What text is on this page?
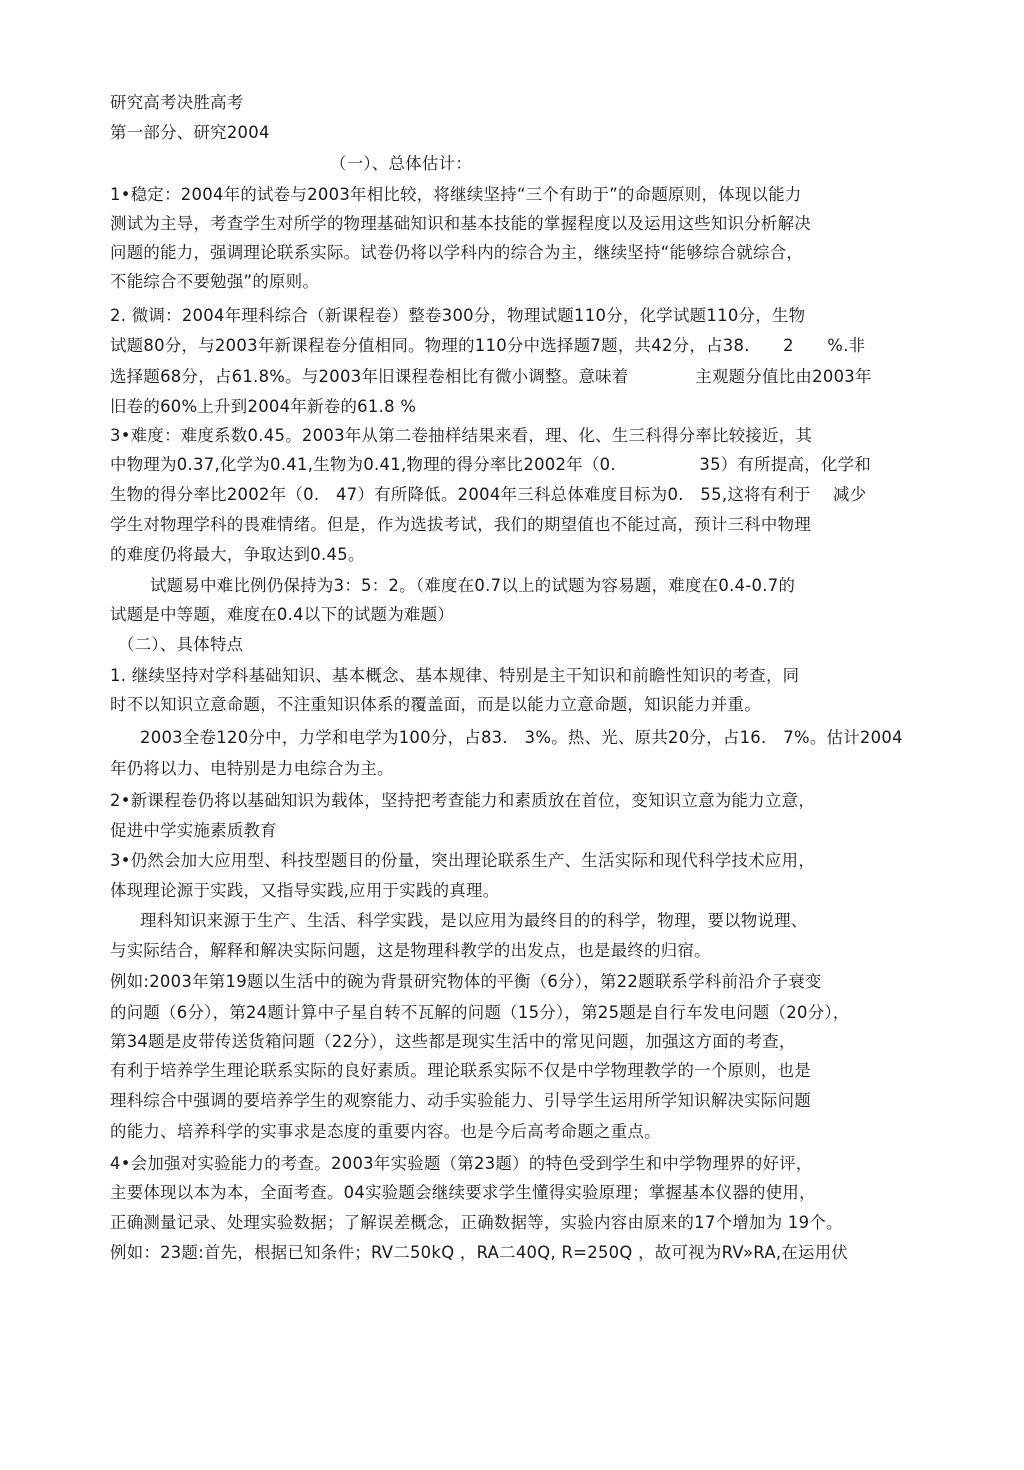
研究高考决胜高考
第一部分、研究2004
（一）、总体估计：
1•稳定：2004年的试卷与2003年相比较，将继续坚持“三个有助于”的命题原则，体现以能力
测试为主导，考查学生对所学的物理基础知识和基本技能的掌握程度以及运用这些知识分析解决
问题的能力，强调理论联系实际。试卷仍将以学科内的综合为主，继续坚持“能够综合就综合，
不能综合不要勉强”的原则。
2. 微调：2004年理科综合（新课程卷）整卷300分，物理试题110分，化学试题110分，生物
试题80分，与2003年新课程卷分值相同。物理的110分中选择题7题，共42分，占38.　　2　　%.非
选择题68分，占61.8%。与2003年旧课程卷相比有微小调整。意味着　　　　主观题分值比由2003年
旧卷的60%上升到2004年新卷的61.8 %
3•难度：难度系数0.45。2003年从第二卷抽样结果来看，理、化、生三科得分率比较接近，其
中物理为0.37,化学为0.41,生物为0.41,物理的得分率比2002年（0.　　　　　35）有所提高，化学和
生物的得分率比2002年（0.　47）有所降低。2004年三科总体难度目标为0.　55,这将有利于　 减少
学生对物理学科的畏难情绪。但是，作为选拔考试，我们的期望值也不能过高，预计三科中物理
的难度仍将最大，争取达到0.45。
试题易中难比例仍保持为3：5：2。（难度在0.7以上的试题为容易题，难度在0.4-0.7的
试题是中等题，难度在0.4以下的试题为难题）
（二）、具体特点
1. 继续坚持对学科基础知识、基本概念、基本规律、特别是主干知识和前瞻性知识的考查，同
时不以知识立意命题，不注重知识体系的覆盖面，而是以能力立意命题，知识能力并重。
2003全卷120分中，力学和电学为100分，占83.　3%。热、光、原共20分，占16.　7%。估计2004
年仍将以力、电特别是力电综合为主。
2•新课程卷仍将以基础知识为载体，坚持把考查能力和素质放在首位，变知识立意为能力立意，
促进中学实施素质教育
3•仍然会加大应用型、科技型题目的份量，突出理论联系生产、生活实际和现代科学技术应用，
体现理论源于实践，又指导实践,应用于实践的真理。
理科知识来源于生产、生活、科学实践，是以应用为最终目的的科学，物理，要以物说理、
与实际结合，解释和解决实际问题，这是物理科教学的出发点，也是最终的归宿。
例如:2003年第19题以生活中的碗为背景研究物体的平衡（6分），第22题联系学科前沿介子衰变
的问题（6分），第24题计算中子星自转不瓦解的问题（15分），第25题是自行车发电问题（20分），
第34题是皮带传送货箱问题（22分），这些都是现实生活中的常见问题，加强这方面的考查，
有利于培养学生理论联系实际的良好素质。理论联系实际不仅是中学物理教学的一个原则，也是
理科综合中强调的要培养学生的观察能力、动手实验能力、引导学生运用所学知识解决实际问题
的能力、培养科学的实事求是态度的重要内容。也是今后高考命题之重点。
4•会加强对实验能力的考查。2003年实验题（第23题）的特色受到学生和中学物理界的好评，
主要体现以本为本，全面考查。04实验题会继续要求学生懂得实验原理；掌握基本仪器的使用，
正确测量记录、处理实验数据；了解误差概念，正确数据等，实验内容由原来的17个增加为 19个。
例如：23题:首先，根据已知条件；RV二50kQ ，RA二40Q, R=250Q ，故可视为RV»RA,在运用伏
